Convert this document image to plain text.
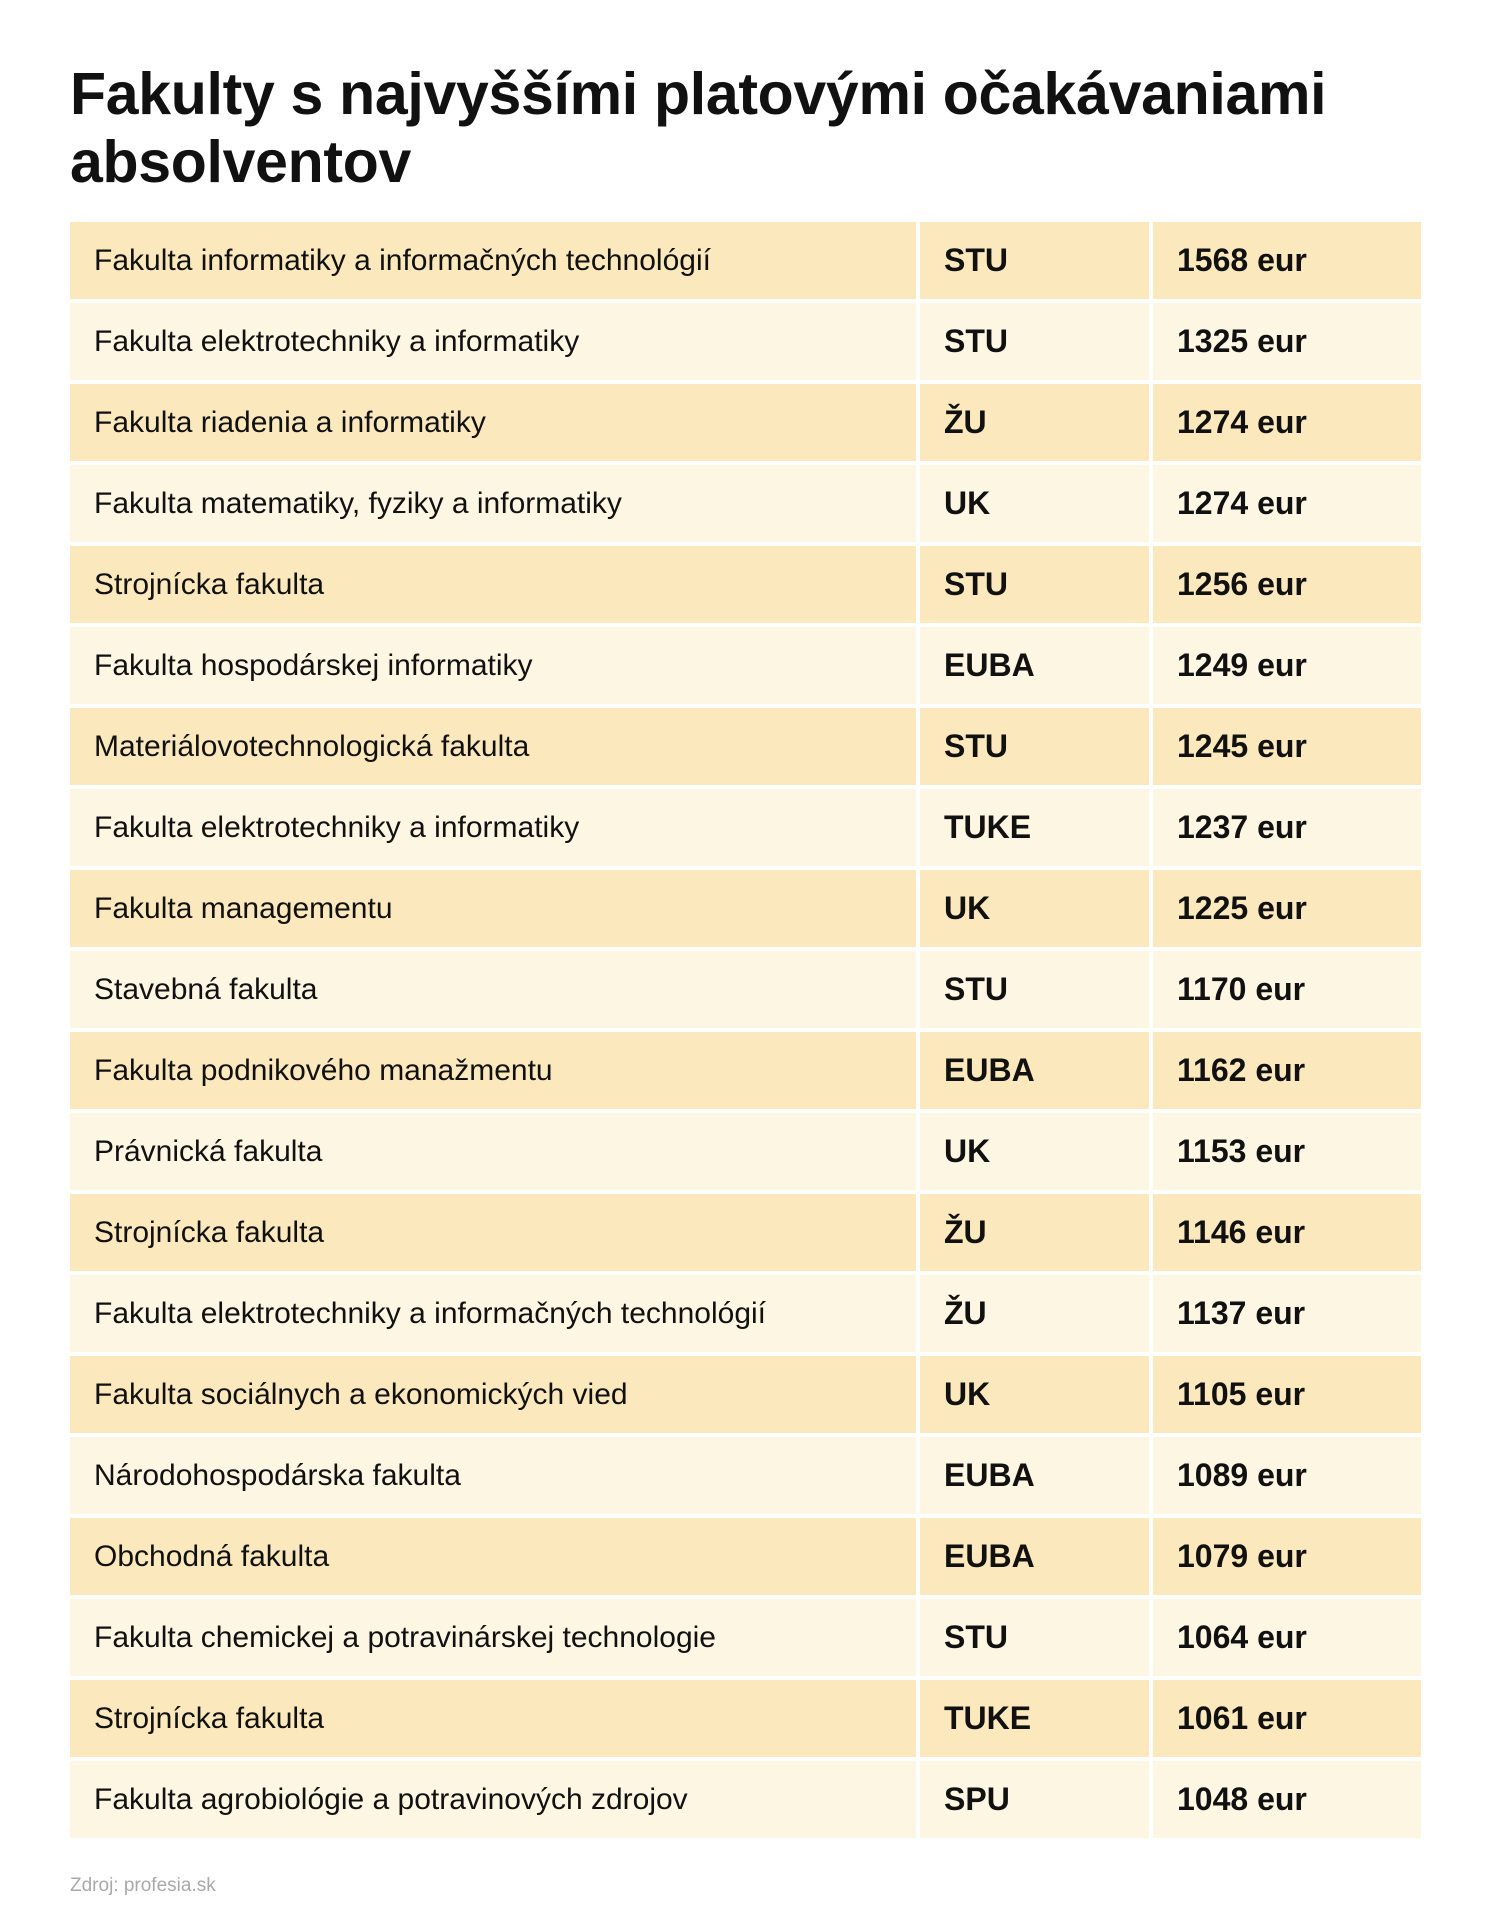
Fakulty s najvyššími platovými očakávaniami absolventov
Fakulta informatiky a informačných technológií	STU	1568 eur
Fakulta elektrotechniky a informatiky	STU	1325 eur
Fakulta riadenia a informatiky	ŽU	1274 eur
Fakulta matematiky, fyziky a informatiky	UK	1274 eur
Strojnícka fakulta	STU	1256 eur
Fakulta hospodárskej informatiky	EUBA	1249 eur
Materiálovotechnologická fakulta	STU	1245 eur
Fakulta elektrotechniky a informatiky	TUKE	1237 eur
Fakulta managementu	UK	1225 eur
Stavebná fakulta	STU	1170 eur
Fakulta podnikového manažmentu	EUBA	1162 eur
Právnická fakulta	UK	1153 eur
Strojnícka fakulta	ŽU	1146 eur
Fakulta elektrotechniky a informačných technológií	ŽU	1137 eur
Fakulta sociálnych a ekonomických vied	UK	1105 eur
Národohospodárska fakulta	EUBA	1089 eur
Obchodná fakulta	EUBA	1079 eur
Fakulta chemickej a potravinárskej technologie	STU	1064 eur
Strojnícka fakulta	TUKE	1061 eur
Fakulta agrobiológie a potravinových zdrojov	SPU	1048 eur
Zdroj: profesia.sk
